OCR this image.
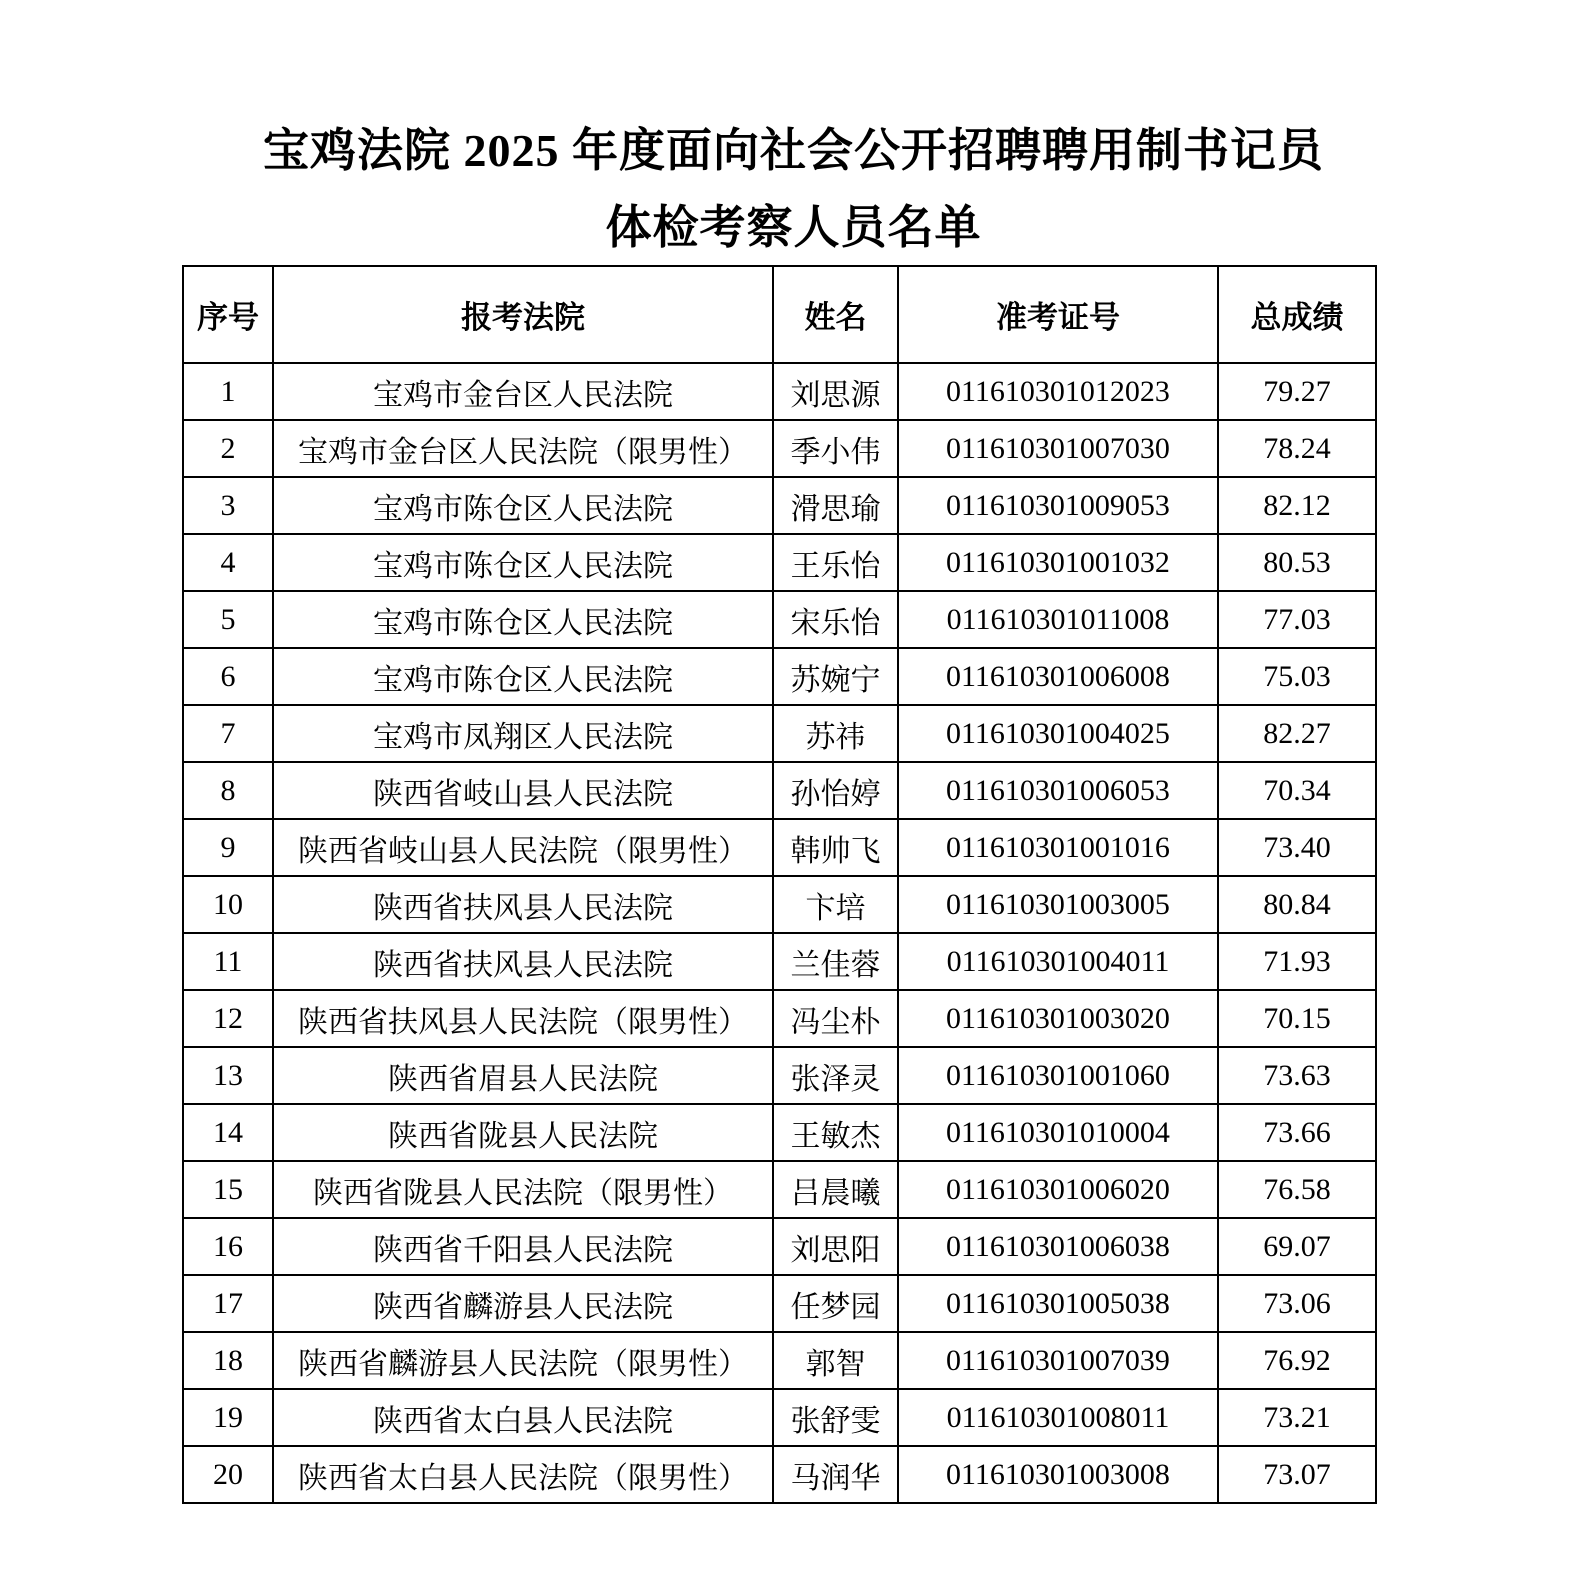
宝鸡法院 2025 年度面向社会公开招聘聘用制书记员
体检考察人员名单
序号	报考法院	姓名	准考证号	总成绩
1	宝鸡市金台区人民法院	刘思源	011610301012023	79.27
2	宝鸡市金台区人民法院（限男性）	季小伟	011610301007030	78.24
3	宝鸡市陈仓区人民法院	滑思瑜	011610301009053	82.12
4	宝鸡市陈仓区人民法院	王乐怡	011610301001032	80.53
5	宝鸡市陈仓区人民法院	宋乐怡	011610301011008	77.03
6	宝鸡市陈仓区人民法院	苏婉宁	011610301006008	75.03
7	宝鸡市凤翔区人民法院	苏祎	011610301004025	82.27
8	陕西省岐山县人民法院	孙怡婷	011610301006053	70.34
9	陕西省岐山县人民法院（限男性）	韩帅飞	011610301001016	73.40
10	陕西省扶风县人民法院	卞培	011610301003005	80.84
11	陕西省扶风县人民法院	兰佳蓉	011610301004011	71.93
12	陕西省扶风县人民法院（限男性）	冯尘朴	011610301003020	70.15
13	陕西省眉县人民法院	张泽灵	011610301001060	73.63
14	陕西省陇县人民法院	王敏杰	011610301010004	73.66
15	陕西省陇县人民法院（限男性）	吕晨曦	011610301006020	76.58
16	陕西省千阳县人民法院	刘思阳	011610301006038	69.07
17	陕西省麟游县人民法院	任梦园	011610301005038	73.06
18	陕西省麟游县人民法院（限男性）	郭智	011610301007039	76.92
19	陕西省太白县人民法院	张舒雯	011610301008011	73.21
20	陕西省太白县人民法院（限男性）	马润华	011610301003008	73.07
